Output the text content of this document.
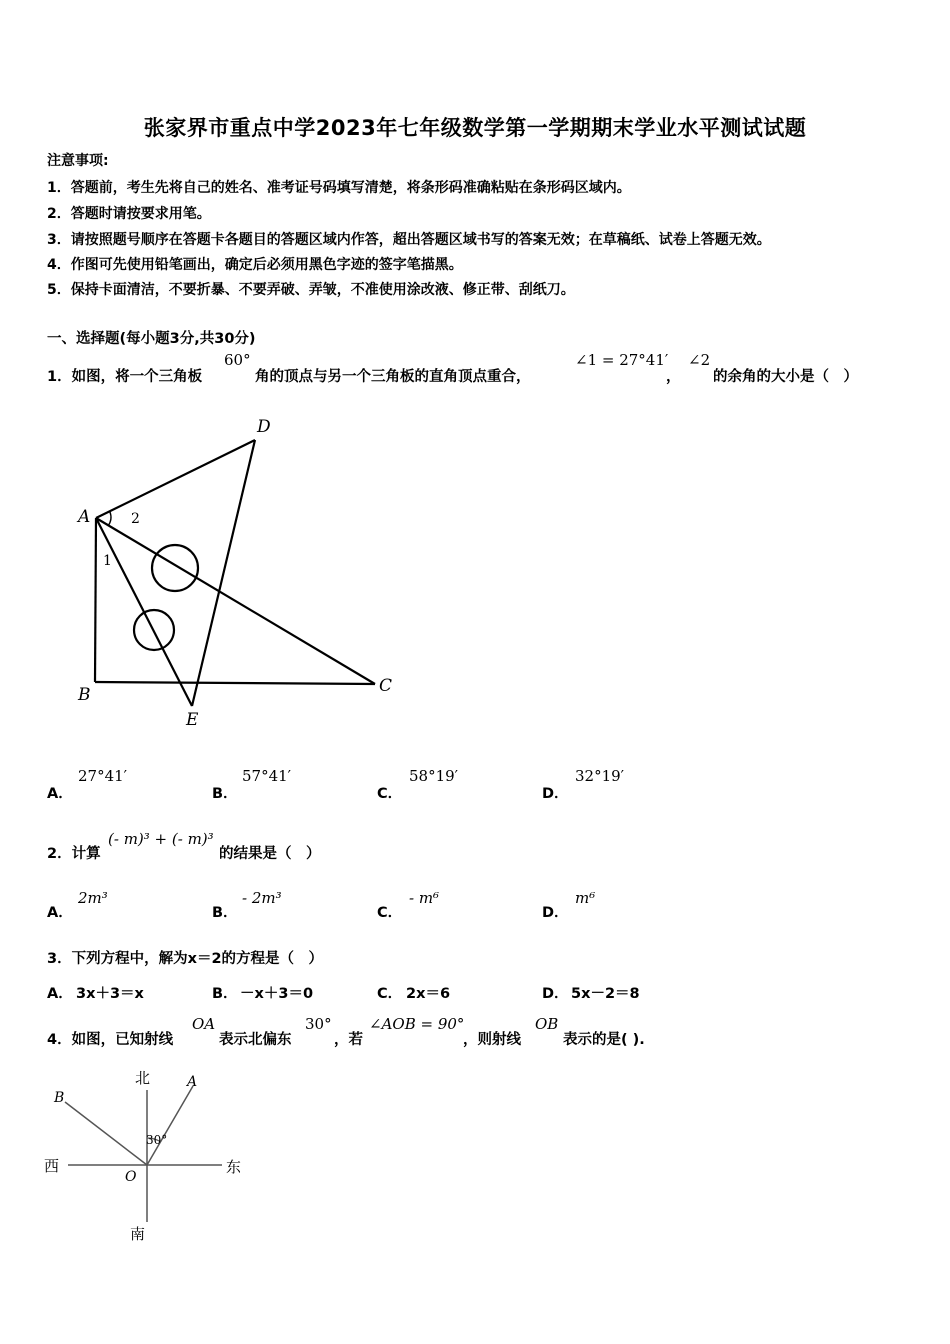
张家界市重点中学2023年七年级数学第一学期期末学业水平测试试题
注意事项:
1．答题前，考生先将自己的姓名、准考证号码填写清楚，将条形码准确粘贴在条形码区域内。
2．答题时请按要求用笔。
3．请按照题号顺序在答题卡各题目的答题区域内作答，超出答题区域书写的答案无效；在草稿纸、试卷上答题无效。
4．作图可先使用铅笔画出，确定后必须用黑色字迹的签字笔描黑。
5．保持卡面清洁，不要折暴、不要弄破、弄皱，不准使用涂改液、修正带、刮纸刀。
一、选择题(每小题3分,共30分)
1．如图，将一个三角板
60°
角的顶点与另一个三角板的直角顶点重合，
∠1 = 27°41′
，
∠2
的余角的大小是（　）
A
B	C
D
E
1
2
A．
27°41′
B．
57°41′
C．
58°19′
D．
32°19′
2．计算
(- m)³ + (- m)³
的结果是（　）
A．
2m³
B．
- 2m³
C．
- m⁶
D．
m⁶
3．下列方程中，解为x＝2的方程是（　）
A． 3x＋3＝x	B． －x＋3＝0	C． 2x＝6	D． 5x－2＝8
4．如图，已知射线
OA
表示北偏东
30°
，若
∠AOB = 90°
，则射线
OB
表示的是( ).
北
南
西	东
A
B
O
30°
